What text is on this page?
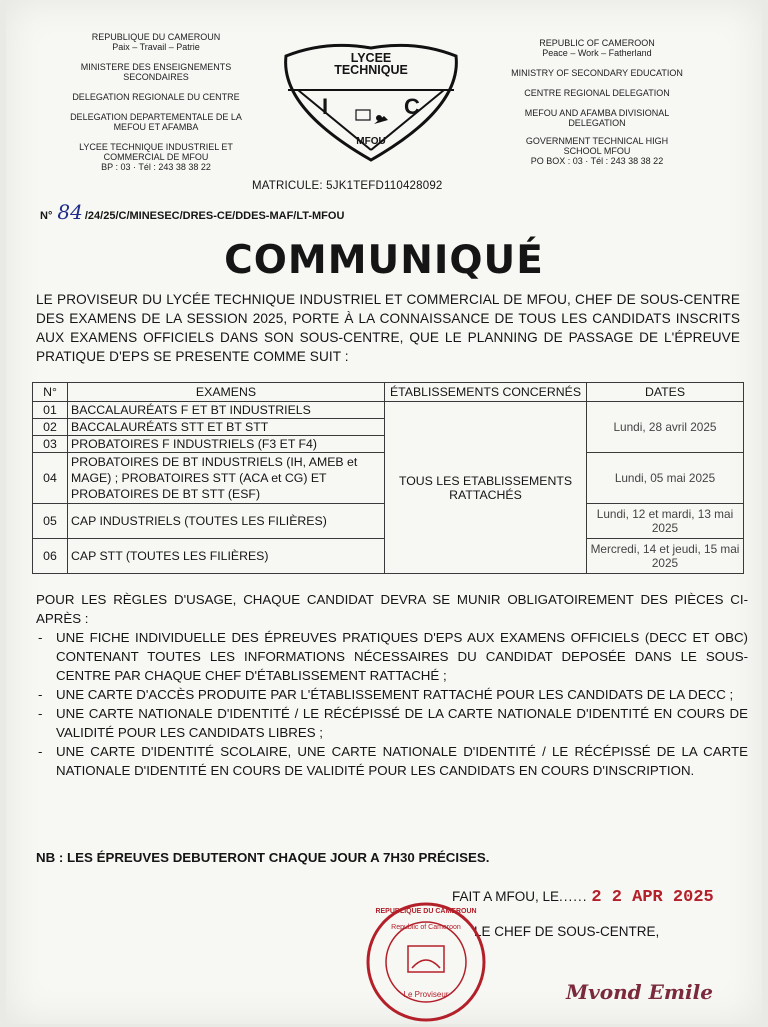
REPUBLIQUE DU CAMEROUN
Paix – Travail – Patrie
MINISTERE DES ENSEIGNEMENTS SECONDAIRES
DELEGATION REGIONALE DU CENTRE
DELEGATION DEPARTEMENTALE DE LA MEFOU ET AFAMBA
LYCEE TECHNIQUE INDUSTRIEL ET COMMERCIAL DE MFOU
BP : 03 · Tél : 243 38 38 22
LYCEE
TECHNIQUE
I	C
MFOU
REPUBLIC OF CAMEROON
Peace – Work – Fatherland
MINISTRY OF SECONDARY EDUCATION
CENTRE REGIONAL DELEGATION
MEFOU AND AFAMBA DIVISIONAL DELEGATION
GOVERNMENT TECHNICAL HIGH SCHOOL MFOU
PO BOX : 03 · Tél : 243 38 38 22
MATRICULE: 5JK1TEFD110428092
N° 84 /24/25/C/MINESEC/DRES-CE/DDES-MAF/LT-MFOU
COMMUNIQUÉ
LE PROVISEUR DU LYCÉE TECHNIQUE INDUSTRIEL ET COMMERCIAL DE MFOU, CHEF DE SOUS-CENTRE DES EXAMENS DE LA SESSION 2025, PORTE À LA CONNAISSANCE DE TOUS LES CANDIDATS INSCRITS AUX EXAMENS OFFICIELS DANS SON SOUS-CENTRE, QUE LE PLANNING DE PASSAGE DE L'ÉPREUVE PRATIQUE D'EPS SE PRESENTE COMME SUIT :
N°	EXAMENS	ÉTABLISSEMENTS CONCERNÉS	DATES
01	BACCALAURÉATS F ET BT INDUSTRIELS	TOUS LES ETABLISSEMENTS RATTACHÉS	Lundi, 28 avril 2025
02	BACCALAURÉATS STT ET BT STT		
03	PROBATOIRES F INDUSTRIELS (F3 ET F4)		
04	PROBATOIRES DE BT INDUSTRIELS (IH, AMEB et MAGE) ; PROBATOIRES STT (ACA et CG) ET PROBATOIRES DE BT STT (ESF)		Lundi, 05 mai 2025
05	CAP INDUSTRIELS (TOUTES LES FILIÈRES)		Lundi, 12 et mardi, 13 mai 2025
06	CAP STT (TOUTES LES FILIÈRES)		Mercredi, 14 et jeudi, 15 mai 2025
POUR LES RÈGLES D'USAGE, CHAQUE CANDIDAT DEVRA SE MUNIR OBLIGATOIREMENT DES PIÈCES CI-APRÈS :
- UNE FICHE INDIVIDUELLE DES ÉPREUVES PRATIQUES D'EPS AUX EXAMENS OFFICIELS (DECC ET OBC) CONTENANT TOUTES LES INFORMATIONS NÉCESSAIRES DU CANDIDAT DEPOSÉE DANS LE SOUS-CENTRE PAR CHAQUE CHEF D'ÉTABLISSEMENT RATTACHÉ ;
- UNE CARTE D'ACCÈS PRODUITE PAR L'ÉTABLISSEMENT RATTACHÉ POUR LES CANDIDATS DE LA DECC ;
- UNE CARTE NATIONALE D'IDENTITÉ / LE RÉCÉPISSÉ DE LA CARTE NATIONALE D'IDENTITÉ EN COURS DE VALIDITÉ POUR LES CANDIDATS LIBRES ;
- UNE CARTE D'IDENTITÉ SCOLAIRE, UNE CARTE NATIONALE D'IDENTITÉ / LE RÉCÉPISSÉ DE LA CARTE NATIONALE D'IDENTITÉ EN COURS DE VALIDITÉ POUR LES CANDIDATS EN COURS D'INSCRIPTION.
NB : LES ÉPREUVES DEBUTERONT CHAQUE JOUR A 7H30 PRÉCISES.
FAIT A MFOU, LE...... 2 2 APR 2025
LE CHEF DE SOUS-CENTRE,
REPUBLIQUE DU CAMEROUN
Republic of Cameroon
Le Proviseur	Mvond Emile
